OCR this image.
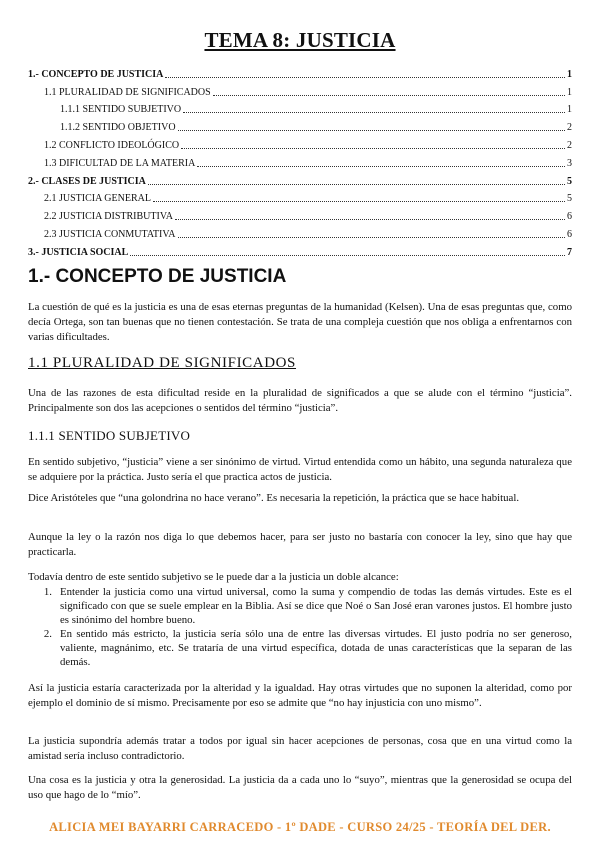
TEMA 8: JUSTICIA
1.- CONCEPTO DE JUSTICIA	1
1.1 PLURALIDAD DE SIGNIFICADOS	1
1.1.1 SENTIDO SUBJETIVO	1
1.1.2 SENTIDO OBJETIVO	2
1.2 CONFLICTO IDEOLÓGICO	2
1.3 DIFICULTAD DE LA MATERIA	3
2.- CLASES DE JUSTICIA	5
2.1 JUSTICIA GENERAL	5
2.2 JUSTICIA DISTRIBUTIVA	6
2.3 JUSTICIA CONMUTATIVA	6
3.- JUSTICIA SOCIAL	7
1.- CONCEPTO DE JUSTICIA

La cuestión de qué es la justicia es una de esas eternas preguntas de la humanidad (Kelsen). Una de esas preguntas que, como decía Ortega, son tan buenas que no tienen contestación. Se trata de una compleja cuestión que nos obliga a enfrentarnos con varias dificultades.

1.1 PLURALIDAD DE SIGNIFICADOS

Una de las razones de esta dificultad reside en la pluralidad de significados a que se alude con el término “justicia”. Principalmente son dos las acepciones o sentidos del término “justicia”.

1.1.1 SENTIDO SUBJETIVO

En sentido subjetivo, “justicia” viene a ser sinónimo de virtud. Virtud entendida como un hábito, una segunda naturaleza que se adquiere por la práctica. Justo sería el que practica actos de justicia.

Dice Aristóteles que “una golondrina no hace verano”. Es necesaria la repetición, la práctica que se hace habitual.

Aunque la ley o la razón nos diga lo que debemos hacer, para ser justo no bastaría con conocer la ley, sino que hay que practicarla.

Todavía dentro de este sentido subjetivo se le puede dar a la justicia un doble alcance:

1. Entender la justicia como una virtud universal, como la suma y compendio de todas las demás virtudes. Este es el significado con que se suele emplear en la Biblia. Así se dice que Noé o San José eran varones justos. El hombre justo es sinónimo del hombre bueno.
2. En sentido más estricto, la justicia sería sólo una de entre las diversas virtudes. El justo podría no ser generoso, valiente, magnánimo, etc. Se trataría de una virtud específica, dotada de unas características que la separan de las demás.

Así la justicia estaría caracterizada por la alteridad y la igualdad. Hay otras virtudes que no suponen la alteridad, como por ejemplo el dominio de sí mismo. Precisamente por eso se admite que “no hay injusticia con uno mismo”.

La justicia supondría además tratar a todos por igual sin hacer acepciones de personas, cosa que en una virtud como la amistad sería incluso contradictorio.

Una cosa es la justicia y otra la generosidad. La justicia da a cada uno lo “suyo”, mientras que la generosidad se ocupa del uso que hago de lo “mío”.

ALICIA MEI BAYARRI CARRACEDO - 1º DADE - CURSO 24/25 - TEORÍA DEL DER.
